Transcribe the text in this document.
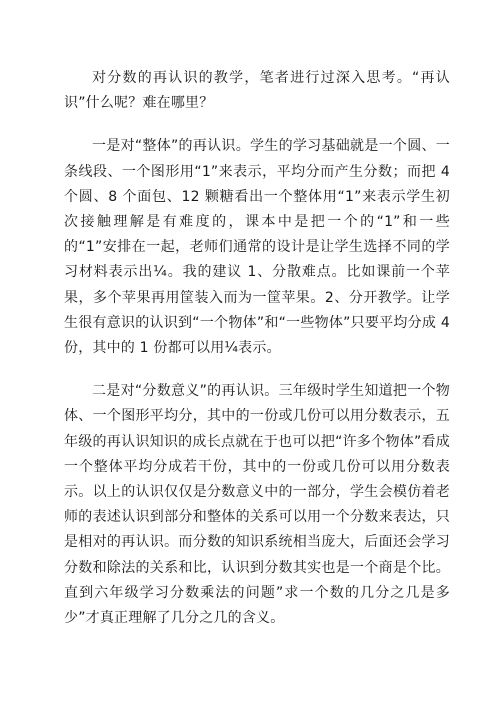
对分数的再认识的教学，笔者进行过深入思考。“再认识”什么呢？难在哪里？

一是对“整体”的再认识。学生的学习基础就是一个圆、一条线段、一个图形用“1”来表示，平均分而产生分数；而把 4 个圆、8 个面包、12 颗糖看出一个整体用“1”来表示学生初次接触理解是有难度的，课本中是把一个的“1”和一些的“1”安排在一起，老师们通常的设计是让学生选择不同的学习材料表示出¼。我的建议 1、分散难点。比如课前一个苹果，多个苹果再用筐装入而为一筐苹果。2、分开教学。让学生很有意识的认识到“一个物体”和“一些物体”只要平均分成 4 份，其中的 1 份都可以用¼表示。

二是对“分数意义”的再认识。三年级时学生知道把一个物体、一个图形平均分，其中的一份或几份可以用分数表示，五年级的再认识知识的成长点就在于也可以把“许多个物体”看成一个整体平均分成若干份，其中的一份或几份可以用分数表示。以上的认识仅仅是分数意义中的一部分，学生会模仿着老师的表述认识到部分和整体的关系可以用一个分数来表达，只是相对的再认识。而分数的知识系统相当庞大，后面还会学习分数和除法的关系和比，认识到分数其实也是一个商是个比。直到六年级学习分数乘法的问题”求一个数的几分之几是多少”才真正理解了几分之几的含义。
